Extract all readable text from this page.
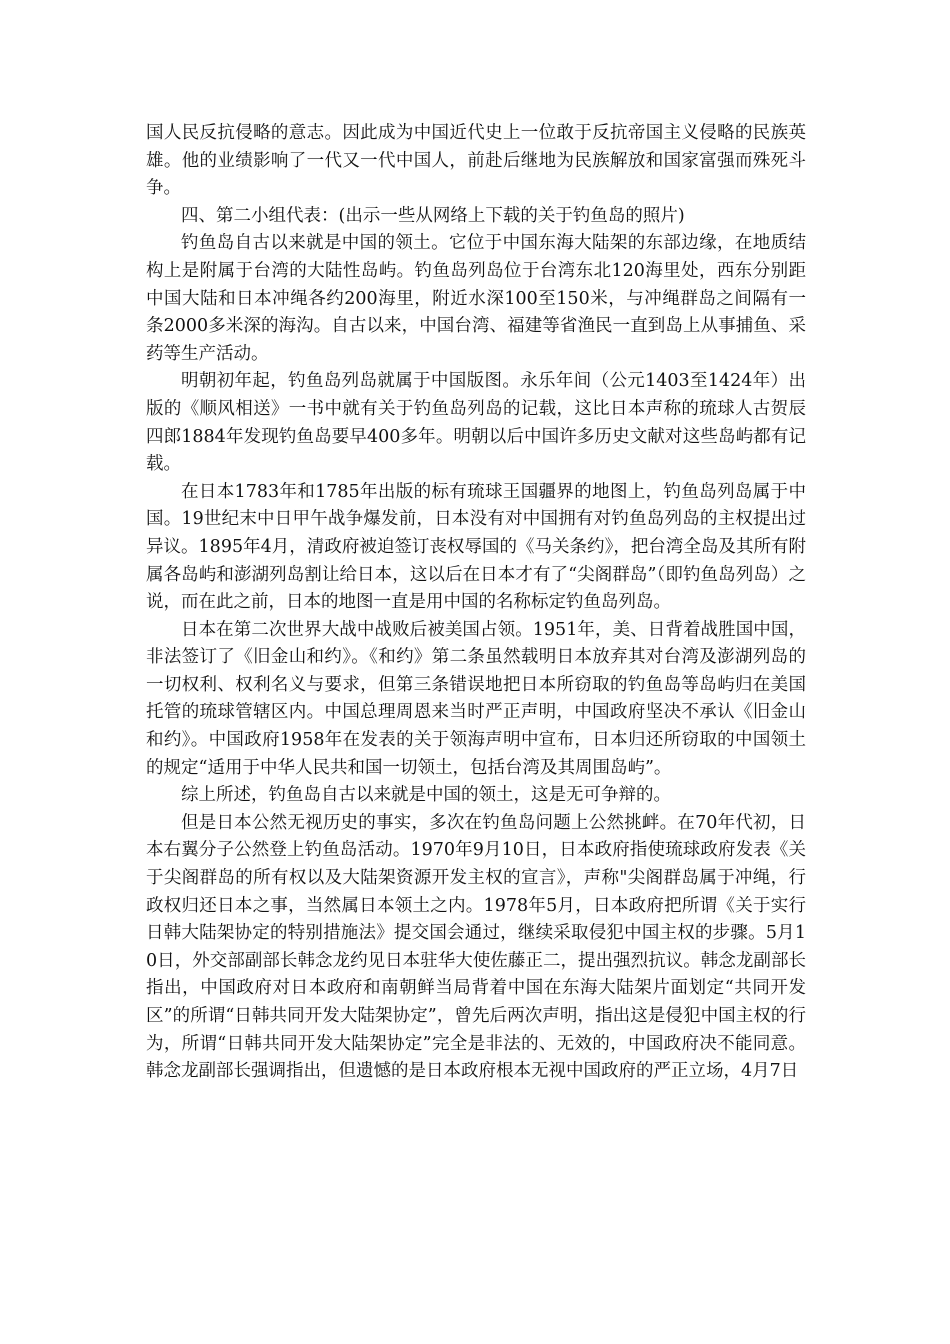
国人民反抗侵略的意志。因此成为中国近代史上一位敢于反抗帝国主义侵略的民族英雄。他的业绩影响了一代又一代中国人，前赴后继地为民族解放和国家富强而殊死斗争。

四、第二小组代表：(出示一些从网络上下载的关于钓鱼岛的照片)

钓鱼岛自古以来就是中国的领土。它位于中国东海大陆架的东部边缘，在地质结构上是附属于台湾的大陆性岛屿。钓鱼岛列岛位于台湾东北120海里处，西东分别距中国大陆和日本冲绳各约200海里，附近水深100至150米，与冲绳群岛之间隔有一条2000多米深的海沟。自古以来，中国台湾、福建等省渔民一直到岛上从事捕鱼、采药等生产活动。

明朝初年起，钓鱼岛列岛就属于中国版图。永乐年间（公元1403至1424年）出版的《顺风相送》一书中就有关于钓鱼岛列岛的记载，这比日本声称的琉球人古贺辰四郎1884年发现钓鱼岛要早400多年。明朝以后中国许多历史文献对这些岛屿都有记载。

在日本1783年和1785年出版的标有琉球王国疆界的地图上，钓鱼岛列岛属于中国。19世纪末中日甲午战争爆发前，日本没有对中国拥有对钓鱼岛列岛的主权提出过异议。1895年4月，清政府被迫签订丧权辱国的《马关条约》，把台湾全岛及其所有附属各岛屿和澎湖列岛割让给日本，这以后在日本才有了“尖阁群岛”（即钓鱼岛列岛）之说，而在此之前，日本的地图一直是用中国的名称标定钓鱼岛列岛。

日本在第二次世界大战中战败后被美国占领。1951年，美、日背着战胜国中国，非法签订了《旧金山和约》。《和约》第二条虽然载明日本放弃其对台湾及澎湖列岛的一切权利、权利名义与要求，但第三条错误地把日本所窃取的钓鱼岛等岛屿归在美国托管的琉球管辖区内。中国总理周恩来当时严正声明，中国政府坚决不承认《旧金山和约》。中国政府1958年在发表的关于领海声明中宣布，日本归还所窃取的中国领土的规定“适用于中华人民共和国一切领土，包括台湾及其周围岛屿”。

综上所述，钓鱼岛自古以来就是中国的领土，这是无可争辩的。

但是日本公然无视历史的事实，多次在钓鱼岛问题上公然挑衅。在70年代初，日本右翼分子公然登上钓鱼岛活动。1970年9月10日，日本政府指使琉球政府发表《关于尖阁群岛的所有权以及大陆架资源开发主权的宣言》，声称"尖阁群岛属于冲绳，行政权归还日本之事，当然属日本领土之内。1978年5月，日本政府把所谓《关于实行日韩大陆架协定的特别措施法》提交国会通过，继续采取侵犯中国主权的步骤。5月10日，外交部副部长韩念龙约见日本驻华大使佐藤正二，提出强烈抗议。韩念龙副部长指出，中国政府对日本政府和南朝鲜当局背着中国在东海大陆架片面划定“共同开发区”的所谓“日韩共同开发大陆架协定”，曾先后两次声明，指出这是侵犯中国主权的行为，所谓“日韩共同开发大陆架协定”完全是非法的、无效的，中国政府决不能同意。韩念龙副部长强调指出，但遗憾的是日本政府根本无视中国政府的严正立场，4月7日
